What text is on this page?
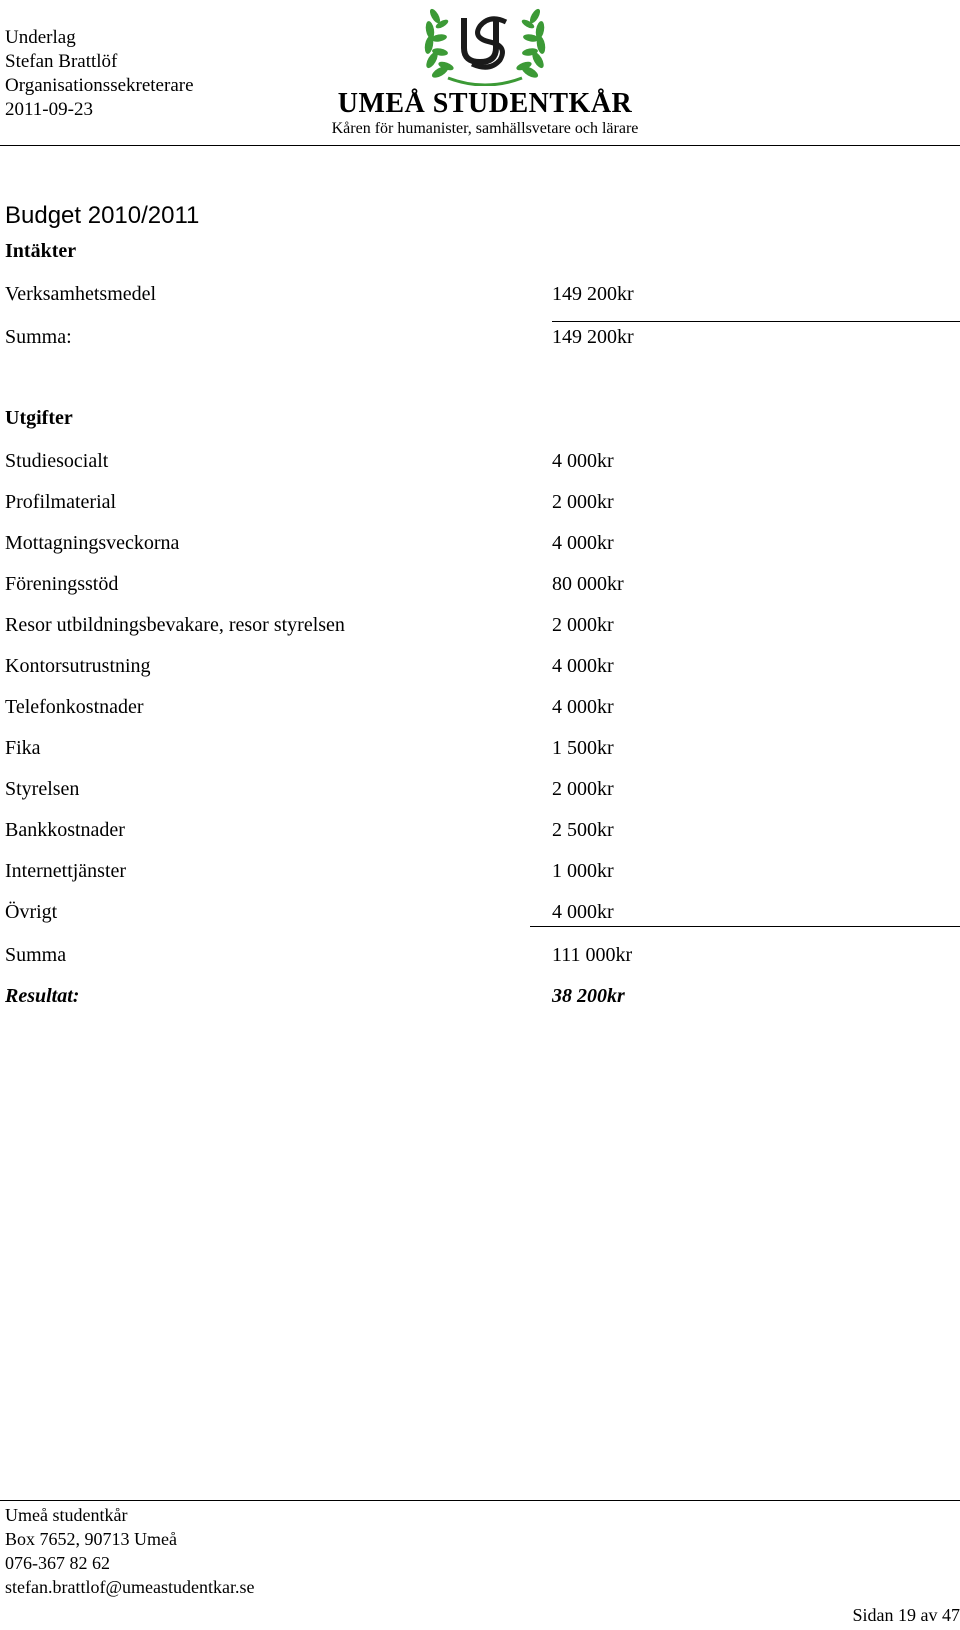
Underlag
Stefan Brattlöf
Organisationssekreterare
2011-09-23	UMEÅ STUDENTKÅR
Kåren för humanister, samhällsvetare och lärare
Budget 2010/2011
Intäkter
Verksamhetsmedel	149 200kr
Summa:	149 200kr
Utgifter
Studiesocialt	4 000kr
Profilmaterial	2 000kr
Mottagningsveckorna	4 000kr
Föreningsstöd	80 000kr
Resor utbildningsbevakare, resor styrelsen	2 000kr
Kontorsutrustning	4 000kr
Telefonkostnader	4 000kr
Fika	1 500kr
Styrelsen	2 000kr
Bankkostnader	2 500kr
Internettjänster	1 000kr
Övrigt	4 000kr
Summa	111 000kr
Resultat:	38 200kr
Umeå studentkår
Box 7652, 90713 Umeå
076-367 82 62
stefan.brattlof@umeastudentkar.se
Sidan 19 av 47
